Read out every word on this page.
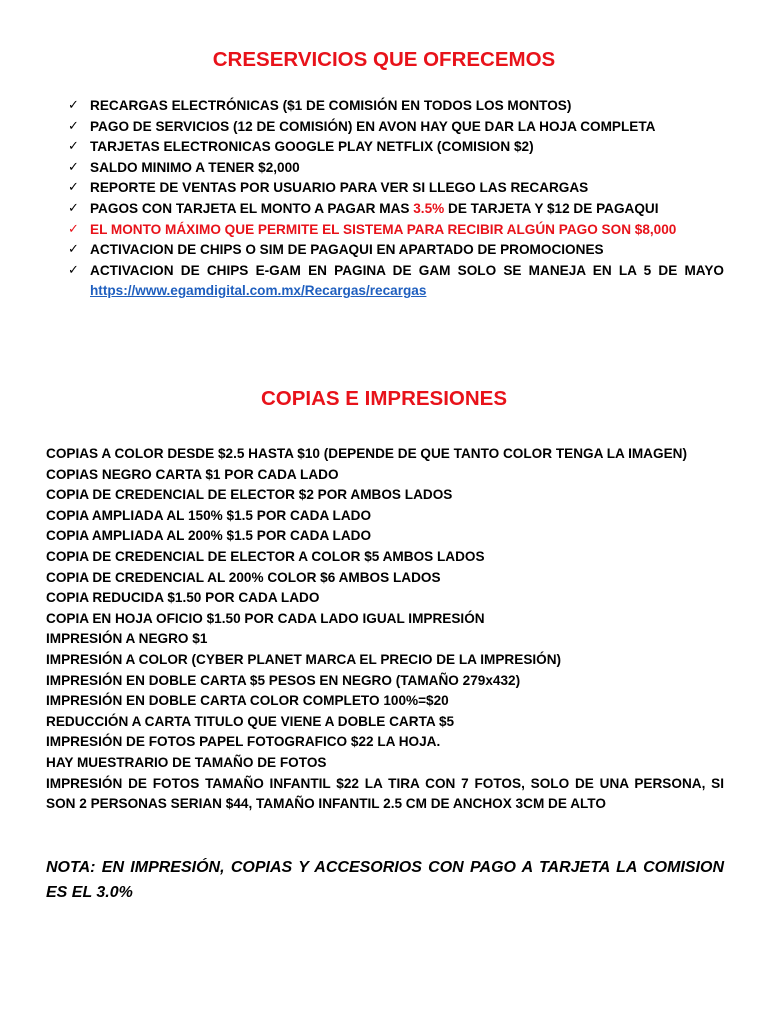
CRESERVICIOS QUE OFRECEMOS
✓ RECARGAS ELECTRÓNICAS ($1 DE COMISIÓN EN TODOS LOS MONTOS)
✓ PAGO DE SERVICIOS (12 DE COMISIÓN) EN AVON HAY QUE DAR LA HOJA COMPLETA
✓ TARJETAS ELECTRONICAS GOOGLE PLAY NETFLIX (COMISION $2)
✓ SALDO MINIMO A TENER $2,000
✓ REPORTE DE VENTAS POR USUARIO PARA VER SI LLEGO LAS RECARGAS
✓ PAGOS CON TARJETA EL MONTO A PAGAR MAS 3.5% DE TARJETA Y $12 DE PAGAQUI
✓ EL MONTO MÁXIMO QUE PERMITE EL SISTEMA PARA RECIBIR ALGÚN PAGO SON $8,000
✓ ACTIVACION DE CHIPS O SIM DE PAGAQUI EN APARTADO DE PROMOCIONES
✓ ACTIVACION DE CHIPS E-GAM EN PAGINA DE GAM SOLO SE MANEJA EN LA 5 DE MAYO https://www.egamdigital.com.mx/Recargas/recargas
COPIAS E IMPRESIONES

COPIAS A COLOR DESDE $2.5 HASTA $10 (DEPENDE DE QUE TANTO COLOR TENGA LA IMAGEN)

COPIAS NEGRO CARTA $1 POR CADA LADO

COPIA DE CREDENCIAL DE ELECTOR $2 POR AMBOS LADOS

COPIA AMPLIADA AL 150% $1.5 POR CADA LADO

COPIA AMPLIADA AL 200% $1.5 POR CADA LADO

COPIA DE CREDENCIAL DE ELECTOR A COLOR $5 AMBOS LADOS

COPIA DE CREDENCIAL AL 200% COLOR $6 AMBOS LADOS

COPIA REDUCIDA $1.50 POR CADA LADO

COPIA EN HOJA OFICIO $1.50 POR CADA LADO IGUAL IMPRESIÓN

IMPRESIÓN A NEGRO $1

IMPRESIÓN A COLOR (CYBER PLANET MARCA EL PRECIO DE LA IMPRESIÓN)

IMPRESIÓN EN DOBLE CARTA $5 PESOS EN NEGRO (TAMAÑO 279x432)

IMPRESIÓN EN DOBLE CARTA COLOR COMPLETO 100%=$20

REDUCCIÓN A CARTA TITULO QUE VIENE A DOBLE CARTA $5

IMPRESIÓN DE FOTOS PAPEL FOTOGRAFICO $22 LA HOJA.

HAY MUESTRARIO DE TAMAÑO DE FOTOS

IMPRESIÓN DE FOTOS TAMAÑO INFANTIL $22 LA TIRA CON 7 FOTOS, SOLO DE UNA PERSONA, SI SON 2 PERSONAS SERIAN $44, TAMAÑO INFANTIL 2.5 CM DE ANCHOX 3CM DE ALTO

NOTA: EN IMPRESIÓN, COPIAS Y ACCESORIOS CON PAGO A TARJETA LA COMISION ES EL 3.0%
